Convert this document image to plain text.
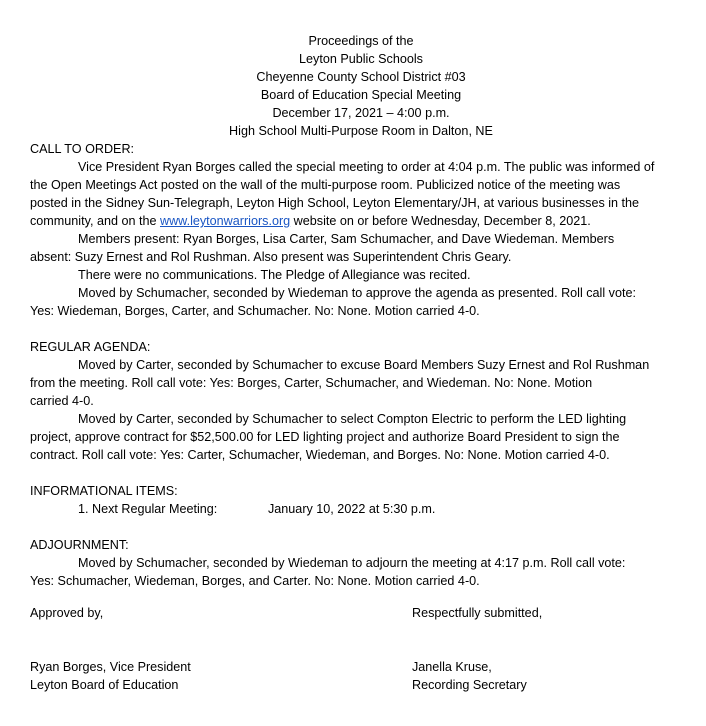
Proceedings of the
Leyton Public Schools
Cheyenne County School District #03
Board of Education Special Meeting
December 17, 2021 – 4:00 p.m.
High School Multi-Purpose Room in Dalton, NE
CALL TO ORDER:
Vice President Ryan Borges called the special meeting to order at 4:04 p.m. The public was informed of
the Open Meetings Act posted on the wall of the multi-purpose room. Publicized notice of the meeting was
posted in the Sidney Sun-Telegraph, Leyton High School, Leyton Elementary/JH, at various businesses in the
community, and on the www.leytonwarriors.org website on or before Wednesday, December 8, 2021.
Members present: Ryan Borges, Lisa Carter, Sam Schumacher, and Dave Wiedeman. Members
absent: Suzy Ernest and Rol Rushman. Also present was Superintendent Chris Geary.
There were no communications. The Pledge of Allegiance was recited.
Moved by Schumacher, seconded by Wiedeman to approve the agenda as presented. Roll call vote:
Yes: Wiedeman, Borges, Carter, and Schumacher. No: None. Motion carried 4-0.
REGULAR AGENDA:
Moved by Carter, seconded by Schumacher to excuse Board Members Suzy Ernest and Rol Rushman
from the meeting. Roll call vote: Yes: Borges, Carter, Schumacher, and Wiedeman. No: None. Motion
carried 4-0.
Moved by Carter, seconded by Schumacher to select Compton Electric to perform the LED lighting
project, approve contract for $52,500.00 for LED lighting project and authorize Board President to sign the
contract. Roll call vote: Yes: Carter, Schumacher, Wiedeman, and Borges. No: None. Motion carried 4-0.
INFORMATIONAL ITEMS:
1. Next Regular Meeting:	January 10, 2022 at 5:30 p.m.
ADJOURNMENT:
Moved by Schumacher, seconded by Wiedeman to adjourn the meeting at 4:17 p.m. Roll call vote:
Yes: Schumacher, Wiedeman, Borges, and Carter. No: None. Motion carried 4-0.
Approved by,	Respectfully submitted,
Ryan Borges, Vice President
Leyton Board of Education
Janella Kruse,
Recording Secretary
